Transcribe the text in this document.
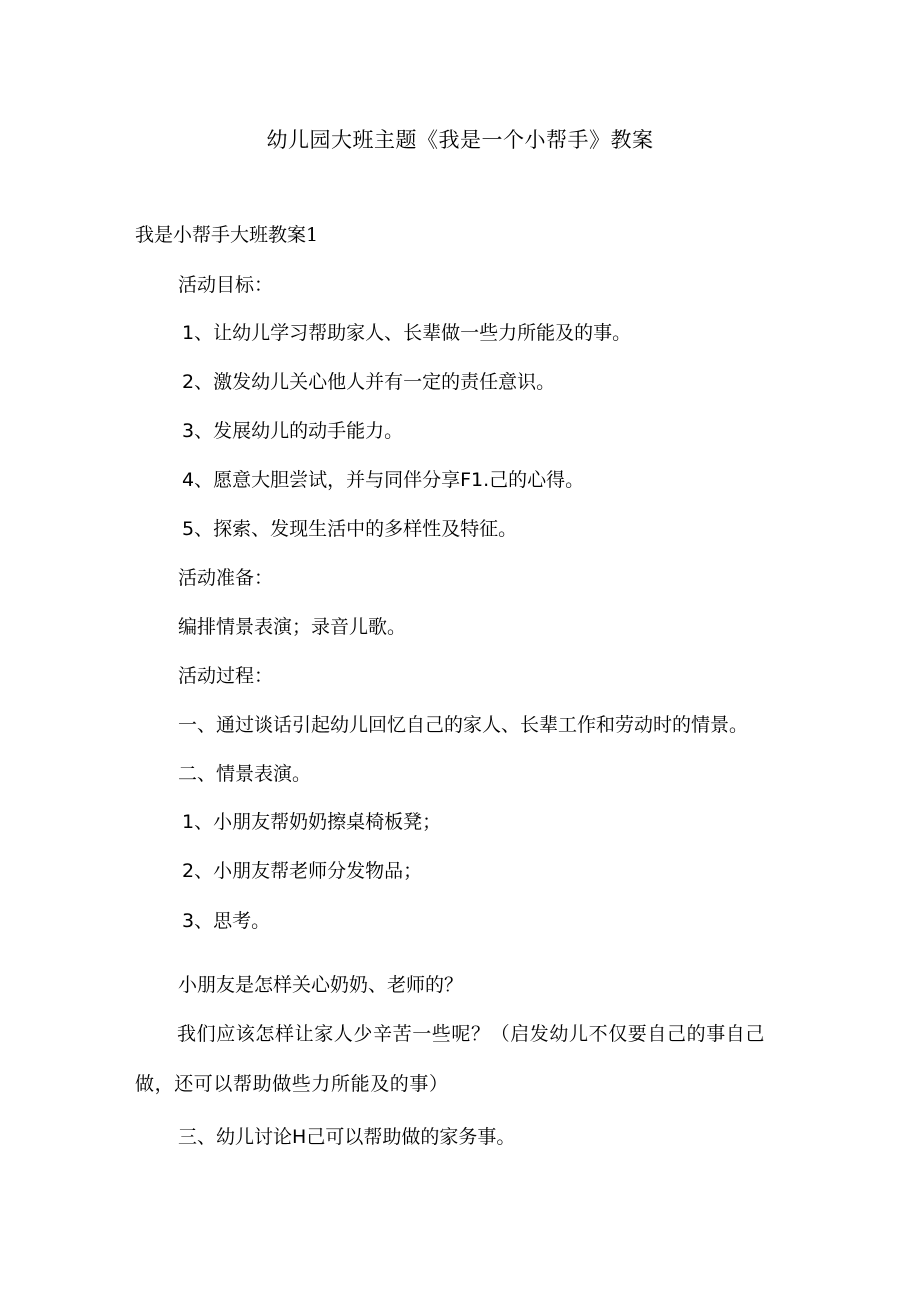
幼儿园大班主题《我是一个小帮手》教案

我是小帮手大班教案1

活动目标：

1、让幼儿学习帮助家人、长辈做一些力所能及的事。

2、激发幼儿关心他人并有一定的责任意识。

3、发展幼儿的动手能力。

4、愿意大胆尝试，并与同伴分享F1.己的心得。

5、探索、发现生活中的多样性及特征。

活动准备：

编排情景表演；录音儿歌。

活动过程：

一、通过谈话引起幼儿回忆自己的家人、长辈工作和劳动时的情景。

二、情景表演。

1、小朋友帮奶奶擦桌椅板凳；

2、小朋友帮老师分发物品；

3、思考。

小朋友是怎样关心奶奶、老师的？

我们应该怎样让家人少辛苦一些呢？（启发幼儿不仅要自己的事自己做，还可以帮助做些力所能及的事）

三、幼儿讨论H己可以帮助做的家务事。
